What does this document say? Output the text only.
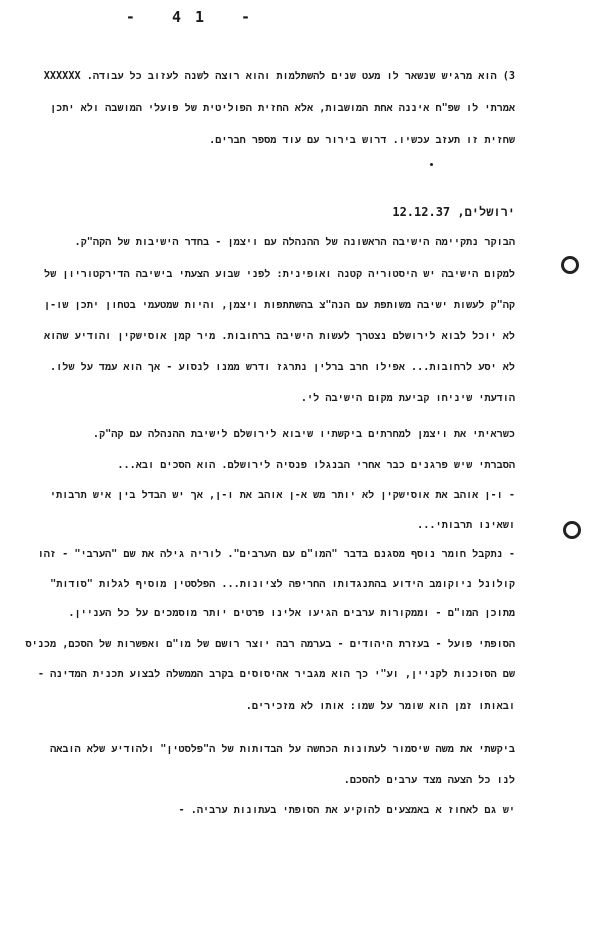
- 41 -
3) הוא מרגיש שנשאר לו מעט שנים להשתלמות והוא רוצה לשנה לעזוב כל עבודה. XXXXXX
אמרתי לו שפ"ח איננה אחת המושבות, אלא החזית הפוליטית של פועלי המושבה ולא יתכן
שחזית זו תעזב עכשיו. דרוש בירור עם עוד מספר חברים.
ירושלים, 12.12.37
הבוקר נתקיימה הישיבה הראשונה של ההנהלה עם ויצמן - בחדר הישיבות של הקה"ק.
למקום הישיבה יש היסטוריה קטנה ואופינית: לפני שבוע הצעתי בישיבה הדירקטוריון של
קה"ק לעשות ישיבה משותפת עם הנה"צ בהשתתפות ויצמן, והיות שמטעמי בטחון יתכן שו-ן
לא יוכל לבוא לירושלם נצטרך לעשות הישיבה ברחובות. מיר קמן אוסישקין והודיע שהוא
לא יסע לרחובות... אפילו חרב ברלין נתרגז ודרש ממנו לנסוע - אך הוא עמד על שלו.
הודעתי שיניחו קביעת מקום הישיבה לי.
כשראיתי את ויצמן למחרתים ביקשתיו שיבוא לירושלם לישיבת ההנהלה עם קה"ק.
הסברתי שיש פרגנים כבר אחרי הבנגלו פנסיה לירושלם. הוא הסכים ובא...
- ו-ן אוהב את אוסישקין לא יותר מש א-ן אוהב את ו-ן, אך יש הבדל בין איש תרבותי
ושאינו תרבותי...
- נתקבל חומר נוסף מסגנם בדבר "המו"ם עם הערבים". לוריה גילה את שם "הערבי" - זהו
קולונל ניוקומב הידוע בהתנגדותו החריפה לציונות... הפלסטין מוסיף לגלות "סודות"
מתוכן המו"ם - וממקורות ערבים הגיעו אלינו פרטים יותר מוסמכים על כל העניין.
הסופתי פועל - בעזרת היהודים - בערמה רבה יוצר רושם של מו"ם ואפשרות של הסכם, מכניס
שם הסוכנות לקניין, וע"י כך הוא מגביר אהיסוסים בקרב הממשלה לבצוע תכנית המדינה -
ובאותו זמן הוא שומר על שמו: אותו לא מזכירים.
ביקשתי את משה שיסמור לעתונות הכחשה על הבדותות של ה"פלסטין" ולהודיע שלא הובאה
לנו כל הצעה מצד ערבים להסכם.
יש גם לאחוז א באמצעים להוקיע את הסופתי בעתונות ערביה. -
